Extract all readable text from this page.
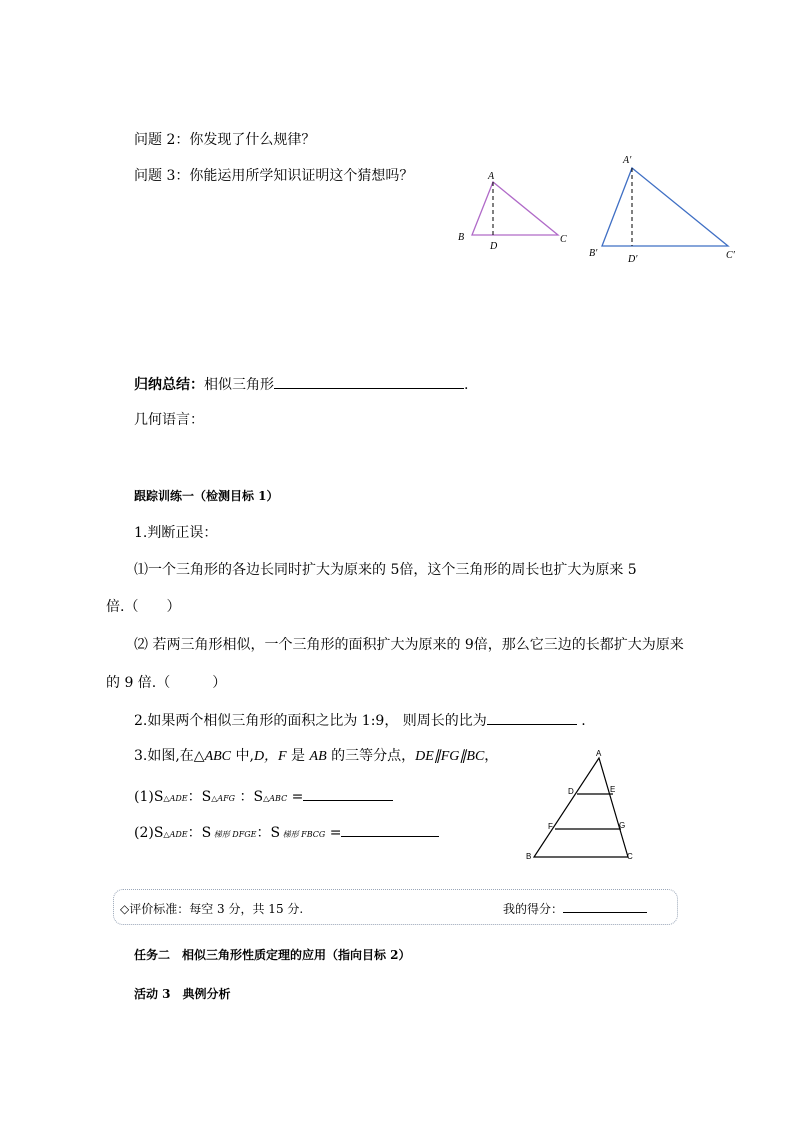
问题 2：你发现了什么规律？
问题 3：你能运用所学知识证明这个猜想吗？	A
B
D
C
A′
B′
D′	C′
归纳总结：相似三角形	.
几何语言：
跟踪训练一（检测目标 1）
1.判断正误：
⑴一个三角形的各边长同时扩大为原来的 5倍，这个三角形的周长也扩大为原来 5
倍.（　　）
⑵ 若两三角形相似，一个三角形的面积扩大为原来的 9倍，那么它三边的长都扩大为原来
的 9 倍.（　　　）
2.如果两个相似三角形的面积之比为 1:9， 则周长的比为	.
3.如图,在△ABC 中,D，F 是 AB 的三等分点，DE∥FG∥BC，
(1)S△ADE：S△AFG ：S△ABC =
(2)S△ADE：S 梯形 DFGE：S 梯形 FBCG =
A
D	E
F	G
B	C
◇评价标准：每空 3 分，共 15 分.	我的得分：
任务二　相似三角形性质定理的应用（指向目标 2）
活动 3　典例分析
